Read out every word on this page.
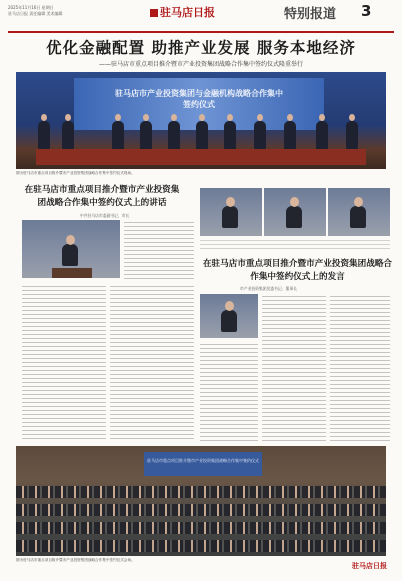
2025年11月16日 星期日
驻马店日报 责任编辑 美术编辑	驻马店日报	特别报道 3
优化金融配置 助推产业发展 服务本地经济
——驻马店市重点项目推介暨市产业投资集团战略合作集中签约仪式隆重举行
驻马店市产业投资集团与金融机构战略合作集中签约仪式
图为驻马店市重点项目推介暨市产业投资集团战略合作集中签约仪式现场。
在驻马店市重点项目推介暨市产业投资集团战略合作集中签约仪式上的讲话
中共驻马店市委副书记、市长
在驻马店市重点项目推介暨市产业投资集团战略合作集中签约仪式上的发言
市产业投资集团党委书记、董事长
驻马店市重点项目推介暨市产业投资集团战略合作集中签约仪式
图为驻马店市重点项目推介暨市产业投资集团战略合作集中签约仪式会场。
驻马店日报
